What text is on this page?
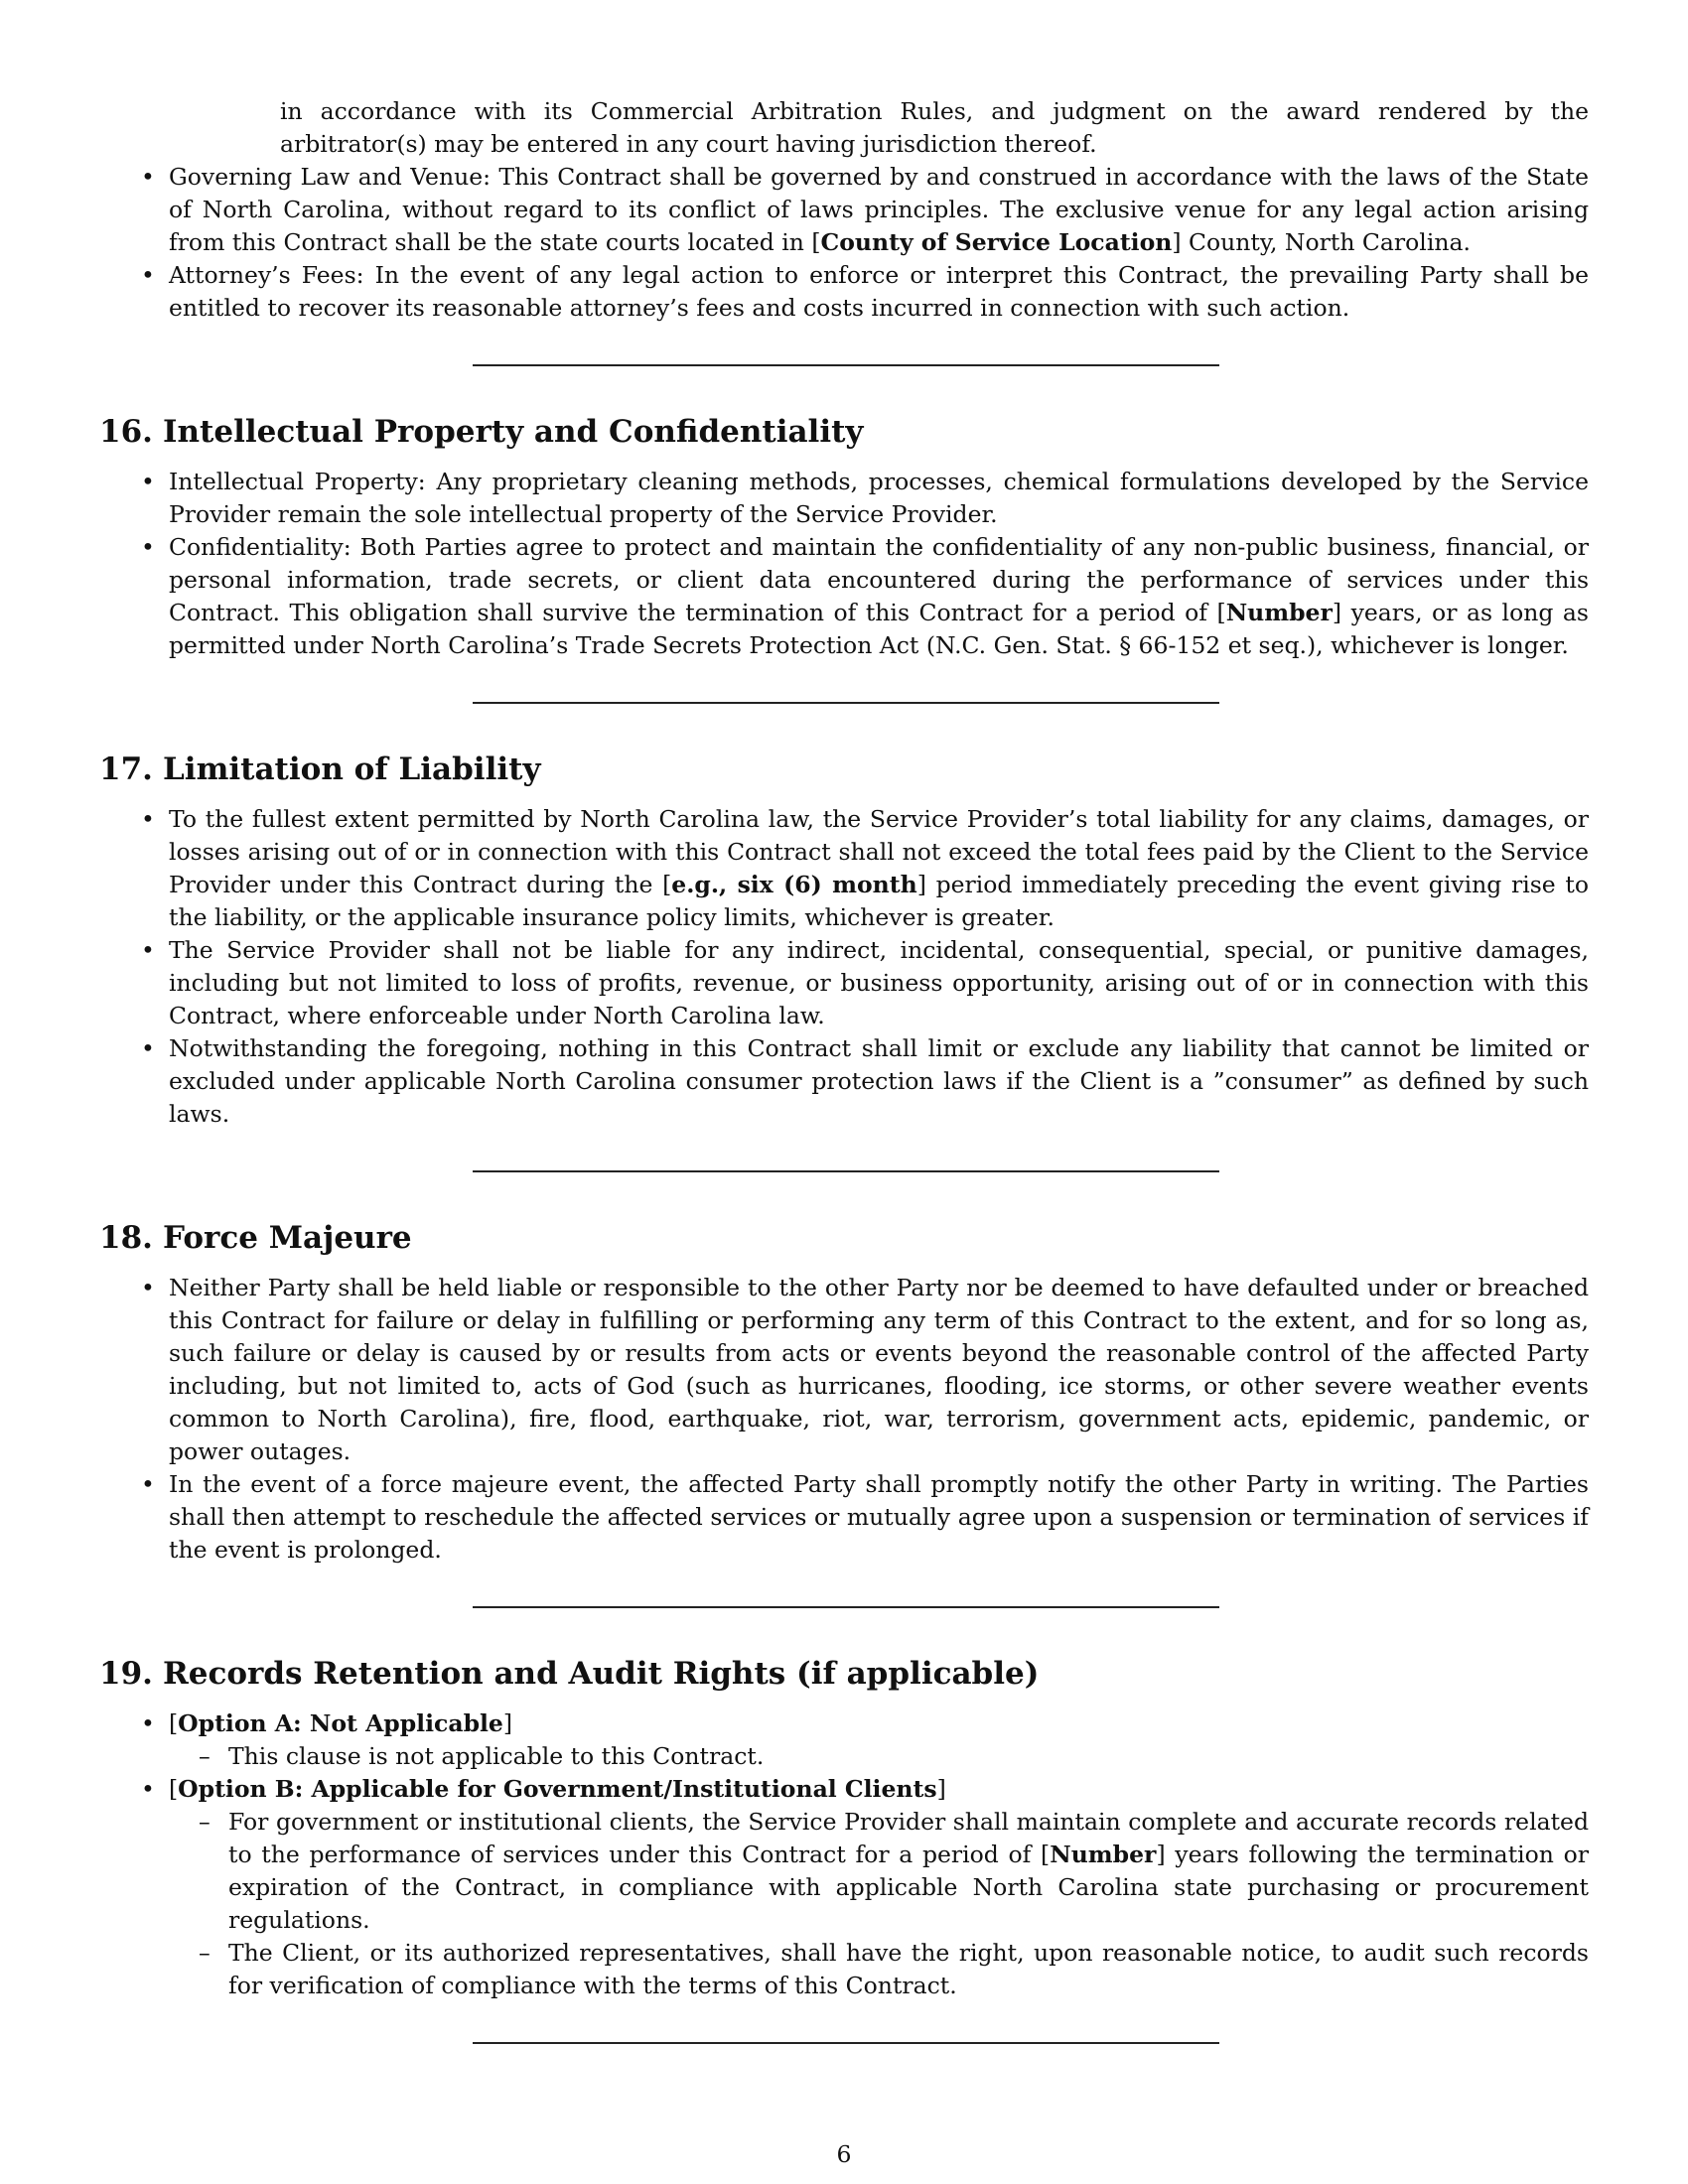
in accordance with its Commercial Arbitration Rules, and judgment on the award rendered by the arbitrator(s) may be entered in any court having jurisdiction thereof.
• Governing Law and Venue: This Contract shall be governed by and construed in accordance with the laws of the State of North Carolina, without regard to its conflict of laws principles. The exclusive venue for any legal action arising from this Contract shall be the state courts located in [County of Service Location] County, North Carolina.
• Attorney’s Fees: In the event of any legal action to enforce or interpret this Contract, the prevailing Party shall be entitled to recover its reasonable attorney’s fees and costs incurred in connection with such action.
16. Intellectual Property and Confidentiality
• Intellectual Property: Any proprietary cleaning methods, processes, chemical formulations developed by the Service Provider remain the sole intellectual property of the Service Provider.
• Confidentiality: Both Parties agree to protect and maintain the confidentiality of any non-public business, financial, or personal information, trade secrets, or client data encountered during the performance of services under this Contract. This obligation shall survive the termination of this Contract for a period of [Number] years, or as long as permitted under North Carolina’s Trade Secrets Protection Act (N.C. Gen. Stat. § 66-152 et seq.), whichever is longer.
17. Limitation of Liability
• To the fullest extent permitted by North Carolina law, the Service Provider’s total liability for any claims, damages, or losses arising out of or in connection with this Contract shall not exceed the total fees paid by the Client to the Service Provider under this Contract during the [e.g., six (6) month] period immediately preceding the event giving rise to the liability, or the applicable insurance policy limits, whichever is greater.
• The Service Provider shall not be liable for any indirect, incidental, consequential, special, or punitive damages, including but not limited to loss of profits, revenue, or business opportunity, arising out of or in connection with this Contract, where enforceable under North Carolina law.
• Notwithstanding the foregoing, nothing in this Contract shall limit or exclude any liability that cannot be limited or excluded under applicable North Carolina consumer protection laws if the Client is a ”consumer” as defined by such laws.
18. Force Majeure
• Neither Party shall be held liable or responsible to the other Party nor be deemed to have defaulted under or breached this Contract for failure or delay in fulfilling or performing any term of this Contract to the extent, and for so long as, such failure or delay is caused by or results from acts or events beyond the reasonable control of the affected Party including, but not limited to, acts of God (such as hurricanes, flooding, ice storms, or other severe weather events common to North Carolina), fire, flood, earthquake, riot, war, terrorism, government acts, epidemic, pandemic, or power outages.
• In the event of a force majeure event, the affected Party shall promptly notify the other Party in writing. The Parties shall then attempt to reschedule the affected services or mutually agree upon a suspension or termination of services if the event is prolonged.
19. Records Retention and Audit Rights (if applicable)
• [Option A: Not Applicable]
– This clause is not applicable to this Contract.
• [Option B: Applicable for Government/Institutional Clients]
– For government or institutional clients, the Service Provider shall maintain complete and accurate records related to the performance of services under this Contract for a period of [Number] years following the termination or expiration of the Contract, in compliance with applicable North Carolina state purchasing or procurement regulations.
– The Client, or its authorized representatives, shall have the right, upon reasonable notice, to audit such records for verification of compliance with the terms of this Contract.
6
